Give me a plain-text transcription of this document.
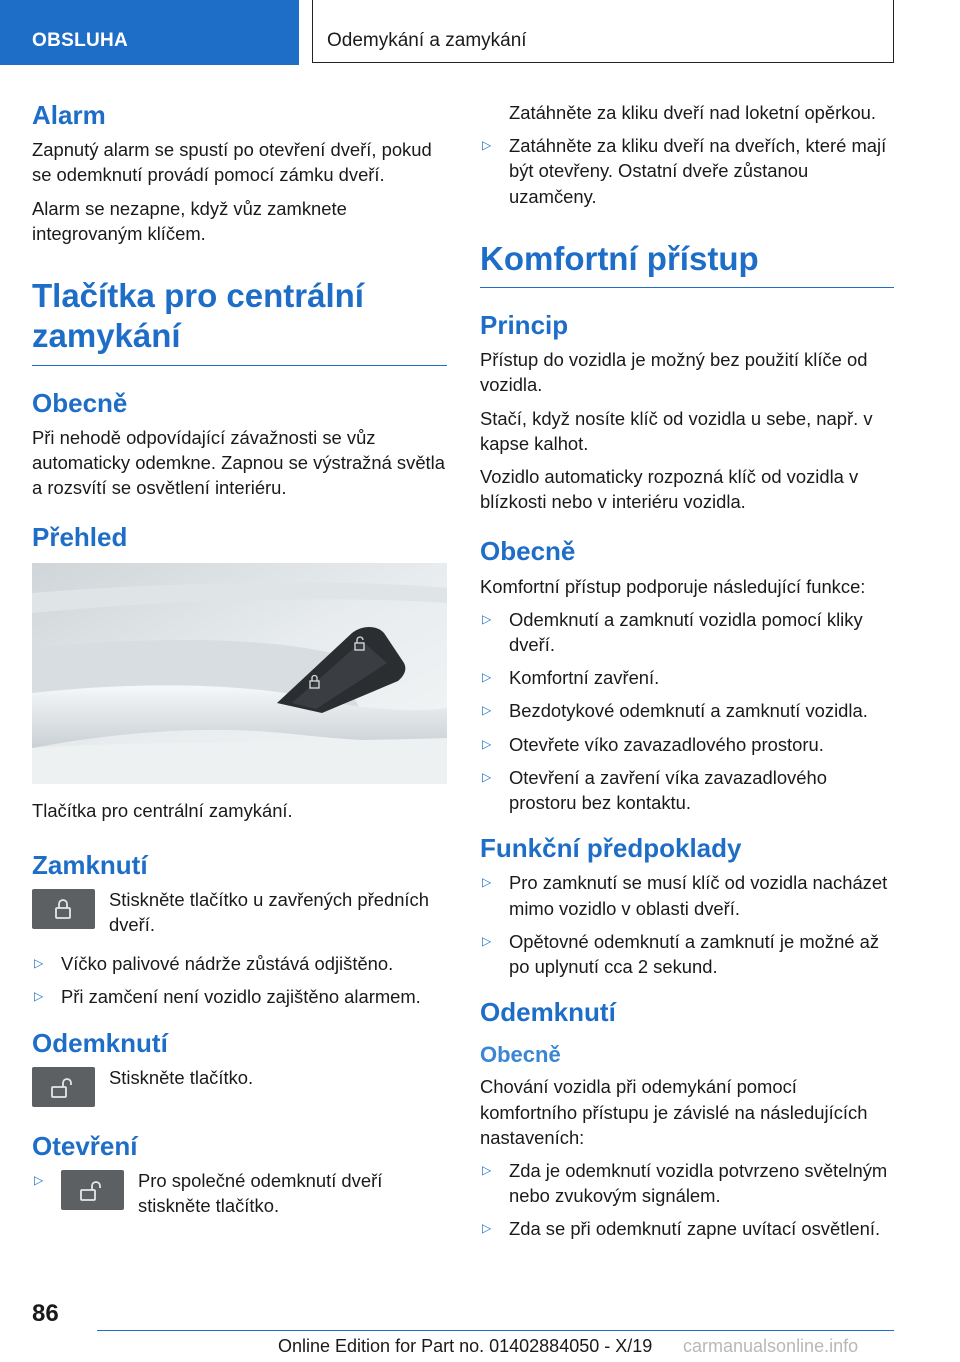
OBSLUHA	Odemykání a zamykání
Alarm

Zapnutý alarm se spustí po otevření dveří, pokud se odemknutí provádí pomocí zámku dveří.

Alarm se nezapne, když vůz zamknete integrovaným klíčem.

Tlačítka pro centrální zamykání
Obecně

Při nehodě odpovídající závažnosti se vůz automaticky odemkne. Zapnou se výstražná světla a rozsvítí se osvětlení interiéru.

Přehled

Tlačítka pro centrální zamykání.

Zamknutí

Stiskněte tlačítko u zavřených předních dveří.

▷ Víčko palivové nádrže zůstává odjištěno.
▷ Při zamčení není vozidlo zajištěno alarmem.
Odemknutí

Stiskněte tlačítko.

Otevření
▷	Pro společné odemknutí dveří stiskněte tlačítko.

Zatáhněte za kliku dveří nad loketní opěrkou.

▷ Zatáhněte za kliku dveří na dveřích, které mají být otevřeny. Ostatní dveře zůstanou uzamčeny.
Komfortní přístup
Princip

Přístup do vozidla je možný bez použití klíče od vozidla.

Stačí, když nosíte klíč od vozidla u sebe, např. v kapse kalhot.

Vozidlo automaticky rozpozná klíč od vozidla v blízkosti nebo v interiéru vozidla.

Obecně

Komfortní přístup podporuje následující funkce:

▷ Odemknutí a zamknutí vozidla pomocí kliky dveří.
▷ Komfortní zavření.
▷ Bezdotykové odemknutí a zamknutí vozidla.
▷ Otevřete víko zavazadlového prostoru.
▷ Otevření a zavření víka zavazadlového prostoru bez kontaktu.
Funkční předpoklady
▷ Pro zamknutí se musí klíč od vozidla nacházet mimo vozidlo v oblasti dveří.
▷ Opětovné odemknutí a zamknutí je možné až po uplynutí cca 2 sekund.
Odemknutí
Obecně

Chování vozidla při odemykání pomocí komfortního přístupu je závislé na následujících nastaveních:

▷ Zda je odemknutí vozidla potvrzeno světelným nebo zvukovým signálem.
▷ Zda se při odemknutí zapne uvítací osvětlení.
86
Online Edition for Part no. 01402884050 - X/19 carmanualsonline.info
